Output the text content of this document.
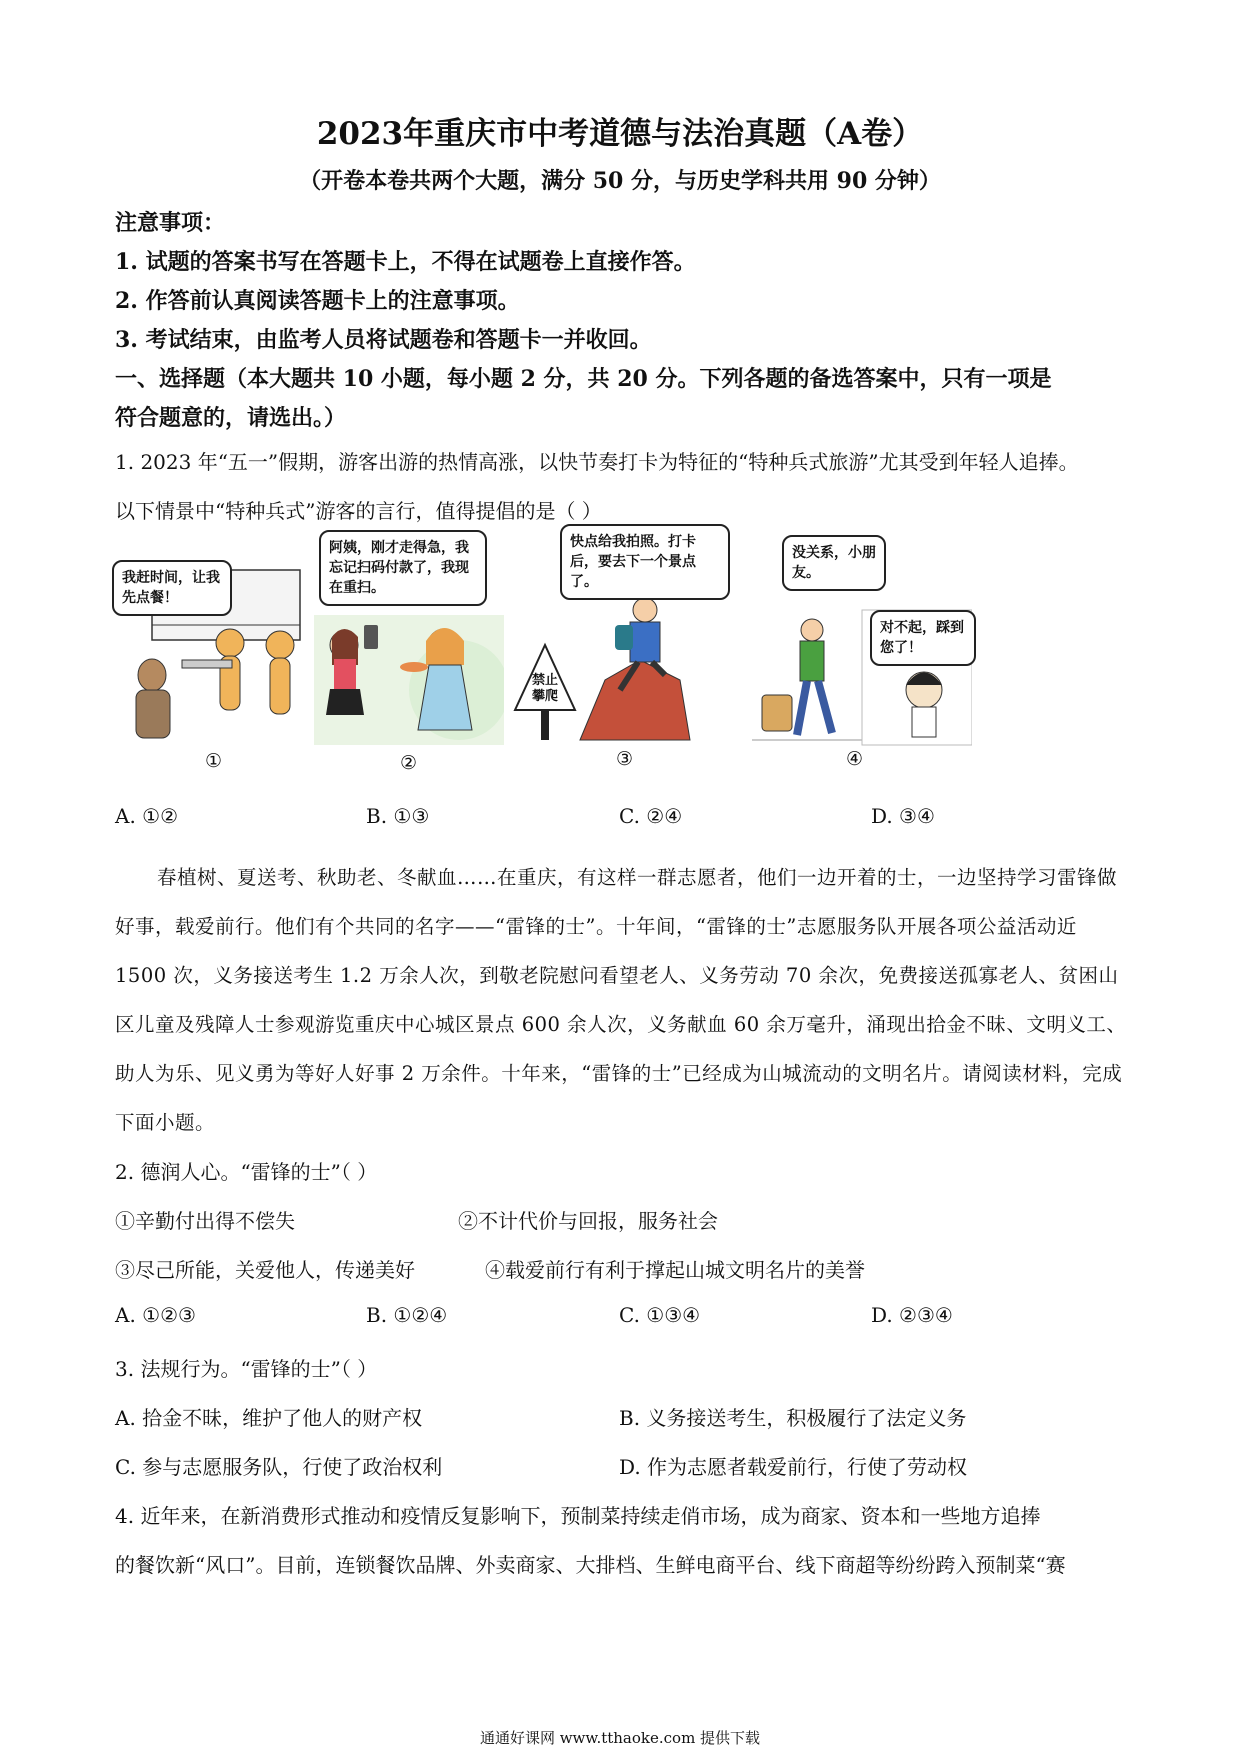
2023年重庆市中考道德与法治真题（A卷）
（开卷本卷共两个大题，满分 50 分，与历史学科共用 90 分钟）
注意事项：
1. 试题的答案书写在答题卡上，不得在试题卷上直接作答。
2. 作答前认真阅读答题卡上的注意事项。
3. 考试结束，由监考人员将试题卷和答题卡一并收回。
一、选择题（本大题共 10 小题，每小题 2 分，共 20 分。下列各题的备选答案中，只有一项是
符合题意的，请选出。）
1. 2023 年“五一”假期，游客出游的热情高涨，以快节奏打卡为特征的“特种兵式旅游”尤其受到年轻人追捧。
以下情景中“特种兵式”游客的言行，值得提倡的是（ ）
我赶时间，让我先点餐！
①
阿姨，刚才走得急，我忘记扫码付款了，我现在重扫。
②
禁止攀爬
快点给我拍照。打卡后，要去下一个景点了。
③
没关系，小朋友。
对不起，踩到您了！
④
A. ①②	B. ①③	C. ②④	D. ③④
春植树、夏送考、秋助老、冬献血……在重庆，有这样一群志愿者，他们一边开着的士，一边坚持学习雷锋做好事，载爱前行。他们有个共同的名字——“雷锋的士”。十年间，“雷锋的士”志愿服务队开展各项公益活动近 1500 次，义务接送考生 1.2 万余人次，到敬老院慰问看望老人、义务劳动 70 余次，免费接送孤寡老人、贫困山区儿童及残障人士参观游览重庆中心城区景点 600 余人次，义务献血 60 余万毫升，涌现出拾金不昧、文明义工、助人为乐、见义勇为等好人好事 2 万余件。十年来，“雷锋的士”已经成为山城流动的文明名片。请阅读材料，完成下面小题。
2. 德润人心。“雷锋的士”（ ）
①辛勤付出得不偿失	②不计代价与回报，服务社会
③尽己所能，关爱他人，传递美好	④载爱前行有利于撑起山城文明名片的美誉
A. ①②③	B. ①②④	C. ①③④	D. ②③④
3. 法规行为。“雷锋的士”（ ）
A. 拾金不昧，维护了他人的财产权	B. 义务接送考生，积极履行了法定义务
C. 参与志愿服务队，行使了政治权利	D. 作为志愿者载爱前行，行使了劳动权
4. 近年来，在新消费形式推动和疫情反复影响下，预制菜持续走俏市场，成为商家、资本和一些地方追捧
的餐饮新“风口”。目前，连锁餐饮品牌、外卖商家、大排档、生鲜电商平台、线下商超等纷纷跨入预制菜“赛
通通好课网 www.tthaoke.com 提供下载
